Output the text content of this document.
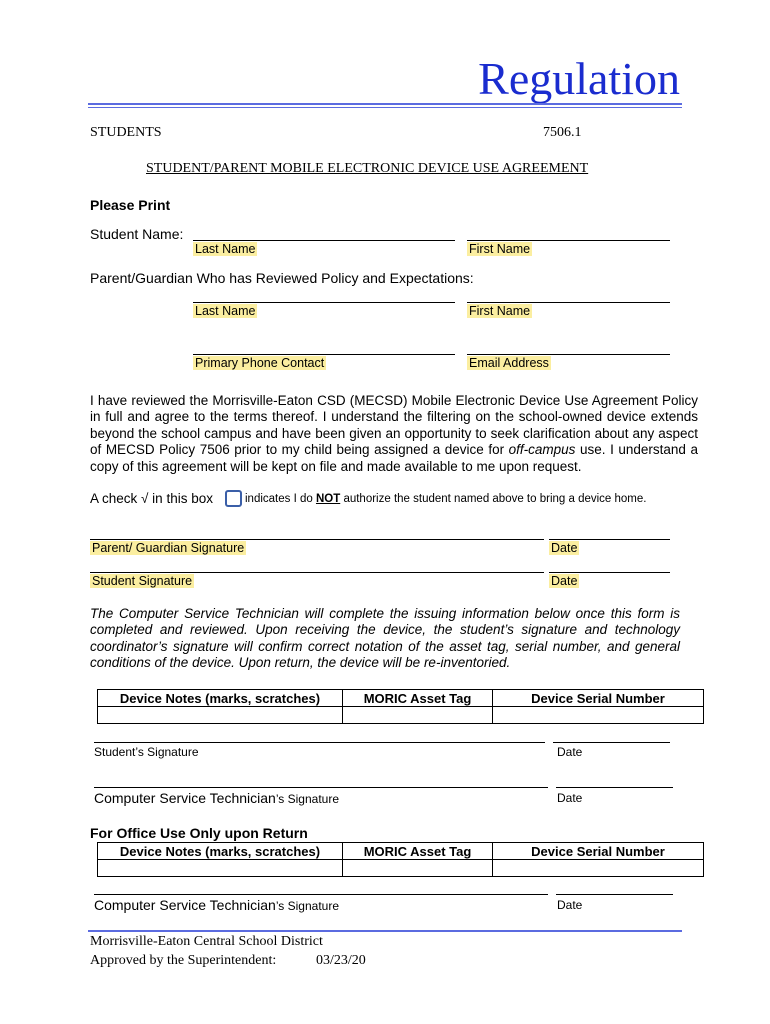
Regulation
STUDENTS	7506.1
STUDENT/PARENT MOBILE ELECTRONIC DEVICE USE AGREEMENT
Please Print
Student Name:
Last Name	First Name
Parent/Guardian Who has Reviewed Policy and Expectations:
Last Name	First Name
Primary Phone Contact	Email Address
I have reviewed the Morrisville-Eaton CSD (MECSD) Mobile Electronic Device Use Agreement Policy in full and agree to the terms thereof. I understand the filtering on the school-owned device extends beyond the school campus and have been given an opportunity to seek clarification about any aspect of MECSD Policy 7506 prior to my child being assigned a device for off-campus use. I understand a copy of this agreement will be kept on file and made available to me upon request.
A check √ in this box	indicates I do NOT authorize the student named above to bring a device home.
Parent/ Guardian Signature	Date
Student Signature	Date
The Computer Service Technician will complete the issuing information below once this form is completed and reviewed. Upon receiving the device, the student’s signature and technology coordinator’s signature will confirm correct notation of the asset tag, serial number, and general conditions of the device. Upon return, the device will be re-inventoried.
Device Notes (marks, scratches)	MORIC Asset Tag	Device Serial Number

Student’s Signature	Date
Computer Service Technician’s Signature	Date
For Office Use Only upon Return
Device Notes (marks, scratches)	MORIC Asset Tag	Device Serial Number

Computer Service Technician’s Signature	Date
Morrisville-Eaton Central School District
Approved by the Superintendent:	03/23/20
